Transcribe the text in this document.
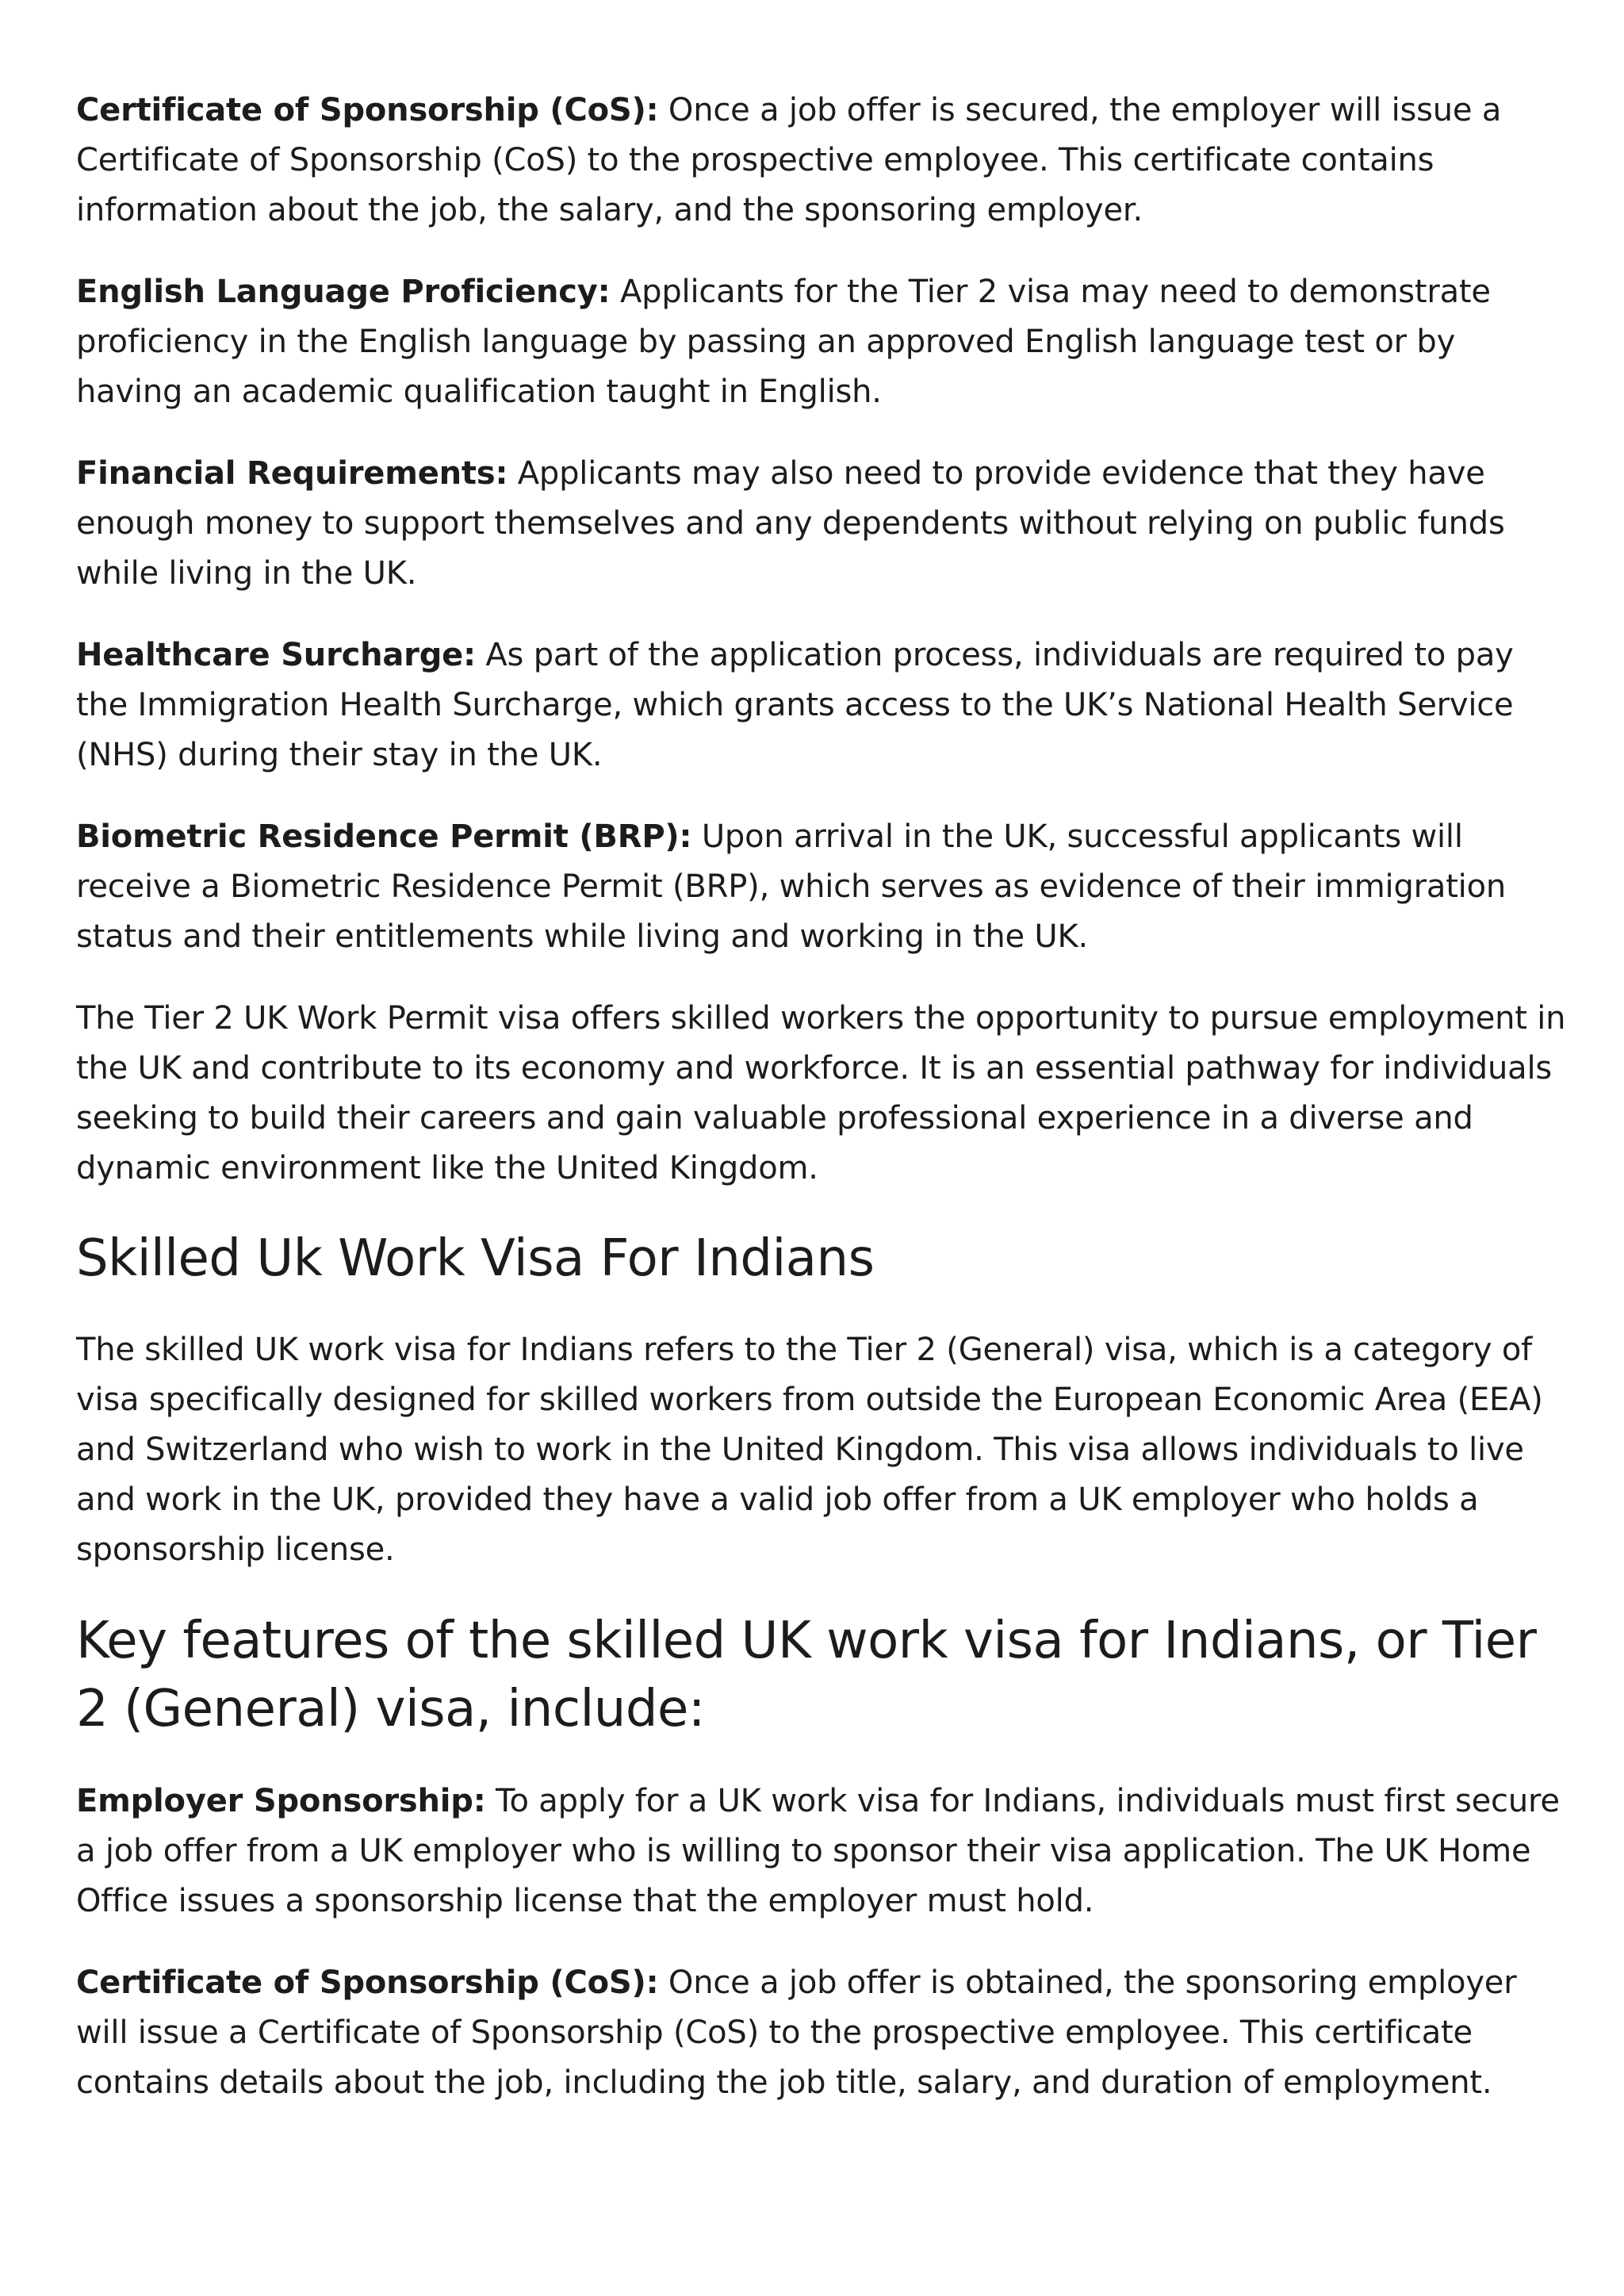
Certificate of Sponsorship (CoS): Once a job offer is secured, the employer will issue a Certificate of Sponsorship (CoS) to the prospective employee. This certificate contains information about the job, the salary, and the sponsoring employer.

English Language Proficiency: Applicants for the Tier 2 visa may need to demonstrate proficiency in the English language by passing an approved English language test or by having an academic qualification taught in English.

Financial Requirements: Applicants may also need to provide evidence that they have enough money to support themselves and any dependents without relying on public funds while living in the UK.

Healthcare Surcharge: As part of the application process, individuals are required to pay the Immigration Health Surcharge, which grants access to the UK’s National Health Service (NHS) during their stay in the UK.

Biometric Residence Permit (BRP): Upon arrival in the UK, successful applicants will receive a Biometric Residence Permit (BRP), which serves as evidence of their immigration status and their entitlements while living and working in the UK.

The Tier 2 UK Work Permit visa offers skilled workers the opportunity to pursue employment in the UK and contribute to its economy and workforce. It is an essential pathway for individuals seeking to build their careers and gain valuable professional experience in a diverse and dynamic environment like the United Kingdom.

Skilled Uk Work Visa For Indians

The skilled UK work visa for Indians refers to the Tier 2 (General) visa, which is a category of visa specifically designed for skilled workers from outside the European Economic Area (EEA) and Switzerland who wish to work in the United Kingdom. This visa allows individuals to live and work in the UK, provided they have a valid job offer from a UK employer who holds a sponsorship license.

Key features of the skilled UK work visa for Indians, or Tier 2 (General) visa, include:

Employer Sponsorship: To apply for a UK work visa for Indians, individuals must first secure a job offer from a UK employer who is willing to sponsor their visa application. The UK Home Office issues a sponsorship license that the employer must hold.

Certificate of Sponsorship (CoS): Once a job offer is obtained, the sponsoring employer will issue a Certificate of Sponsorship (CoS) to the prospective employee. This certificate contains details about the job, including the job title, salary, and duration of employment.
